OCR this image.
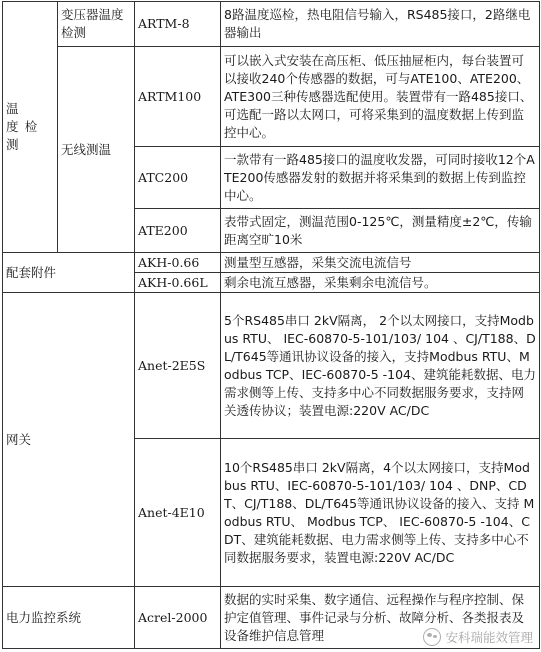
温　度检测	变压器温度检测	ARTM-8	8路温度巡检，热电阻信号输入，RS485接口，2路继电器输出
	无线测温	ARTM100	可以嵌入式安装在高压柜、低压抽屉柜内，每台装置可以接收240个传感器的数据，可与ATE100、ATE200、ATE300三种传感器选配使用。装置带有一路485接口、可选配一路以太网口，可将采集到的温度数据上传到监控中心。
		ATC200	一款带有一路485接口的温度收发器，可同时接收12个ATE200传感器发射的数据并将采集到的数据上传到监控中心。
		ATE200	表带式固定，测温范围0-125℃，测量精度±2℃，传输距离空旷10米
配套附件		AKH-0.66	测量型互感器，采集交流电流信号
		AKH-0.66L	剩余电流互感器，采集剩余电流信号。
网关		Anet-2E5S	5个RS485串口 2kV隔离， 2个以太网接口，支持Modbus RTU、 IEC-60870-5-101/103/ 104 、CJ/T188、DL/T645等通讯协议设备的接入，支持Modbus RTU、Modbus TCP、IEC-60870-5 -104、建筑能耗数据、电力需求侧等上传、支持多中心不同数据服务要求，支持网关透传协议；装置电源:220V AC/DC
		Anet-4E10	10个RS485串口 2kV隔离，4个以太网接口，支持Modbus RTU、IEC-60870-5-101/103/ 104 、DNP、CDT、CJ/T188、DL/T645等通讯协议设备的接入、支持 Modbus RTU、 Modbus TCP、 IEC-60870-5 -104、CDT、建筑能耗数据、电力需求侧等上传、支持多中心不同数据服务要求，装置电源:220V AC/DC
电力监控系统		Acrel-2000	数据的实时采集、数字通信、远程操作与程序控制、保护定值管理、事件记录与分析、故障分析、各类报表及设备维护信息管理	安科瑞能效管理
